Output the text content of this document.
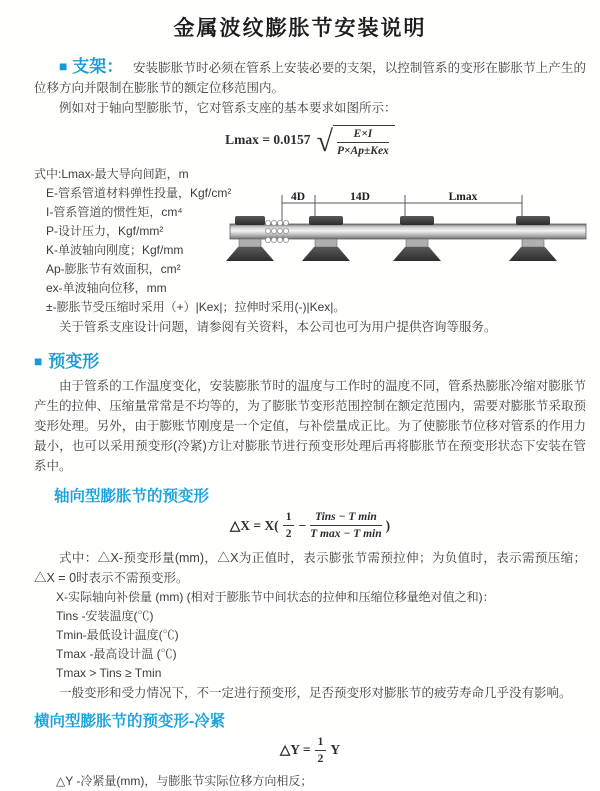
金属波纹膨胀节安装说明

■ 支架： 安装膨胀节时必须在管系上安装必要的支架，以控制管系的变形在膨胀节上产生的位移方向并限制在膨胀节的额定位移范围内。

例如对于轴向型膨胀节，它对管系支座的基本要求如图所示：

Lmax = 0.0157 √ $\frac{E\times I}{\text{P×Ap±Kex}}$

式中:Lmax-最大导向间距，m

E-管系管道材料弹性投量，Kgf/cm²

I-管系管道的惯性矩，cm⁴

P-设计压力，Kgf/mm²

K-单波轴向刚度；Kgf/mm

Ap-膨胀节有效面积，cm²

ex-单波轴向位移，mm

±-膨胀节受压缩时采用（+）|Kex|；拉伸时采用(-)|Kex|。

4D	14D	Lmax

关于管系支座设计问题，请参阅有关资料，本公司也可为用户提供咨询等服务。

■ 预变形

由于管系的工作温度变化，安装膨胀节时的温度与工作时的温度不同，管系热膨胀冷缩对膨胀节产生的拉伸、压缩量常常是不均等的，为了膨胀节变形范围控制在额定范围内，需要对膨胀节采取预变形处理。另外，由于膨账节刚度是一个定值，与补偿量成正比。为了使膨胀节位移对管系的作用力最小，也可以采用预变形(冷紧)方让对膨胀节进行预变形处理后再将膨胀节在预变形状态下安装在管系中。

轴向型膨胀节的预变形
△X = $X( \frac{1}{2} - \frac{\text{Tins − T min}}{\text{T max − T min}}$ )

式中：△X-预变形量(mm)，△X为正值时，表示膨张节需预拉伸；为负值时，表示需预压缩；△X = 0时表示不需预变形。

X-实际轴向补偿量 (mm) (相对于膨胀节中间状态的拉伸和压缩位移量绝对值之和)：

Tins -安装温度(℃)

Tmin-最低设计温度(℃)

Tmax -最高设计温 (℃)

Tmax > Tins ≥ Tmin

一般变形和受力情况下，不一定进行预变形，足否预变形对膨胀节的疲劳寿命几乎没有影响。

横向型膨胀节的预变形-冷紧
△Y = $\frac{1}{2}$ Y

△Y -冷紧量(mm)，与膨胀节实际位移方向相反；
